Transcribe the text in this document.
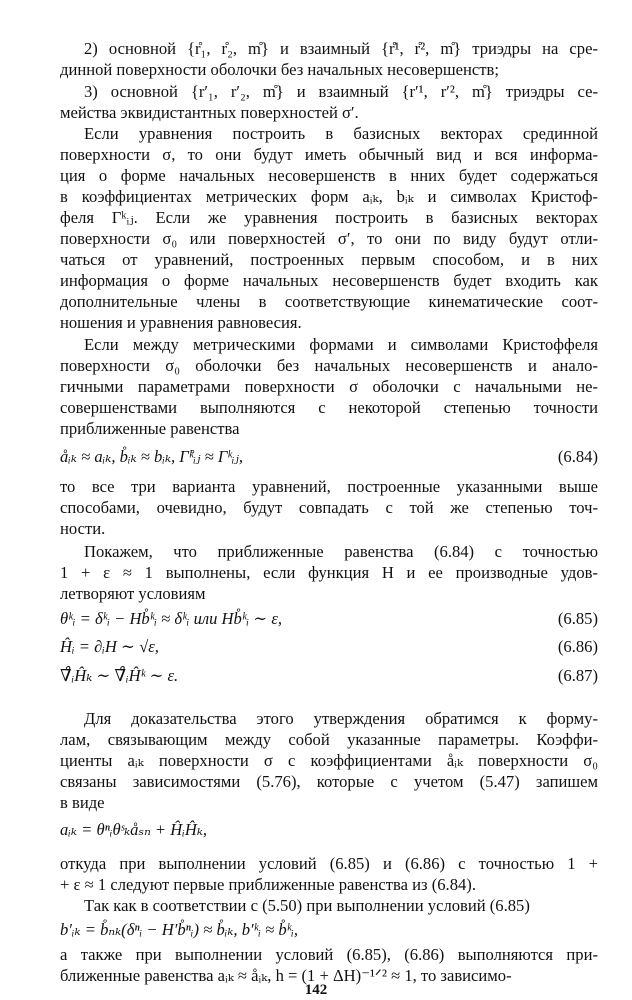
2) основной {r̊₁, r̊₂, m̊} и взаимный {r̊¹, r̊², m̊} триэдры на сре-
динной поверхности оболочки без начальных несовершенств;
3) основной {r′₁, r′₂, m̊} и взаимный {r′¹, r′², m̊} триэдры се-
мейства эквидистантных поверхностей σ′.
Если уравнения построить в базисных векторах срединной
поверхности σ, то они будут иметь обычный вид и вся информа-
ция о форме начальных несовершенств в нних будет содержаться
в коэффициентах метрических форм aᵢₖ, bᵢₖ и символах Кристоф-
феля Γᵏᵢⱼ. Если же уравнения построить в базисных векторах
поверхности σ₀ или поверхностей σ′, то они по виду будут отли-
чаться от уравнений, построенных первым способом, и в них
информация о форме начальных несовершенств будет входить как
дополнительные члены в соответствующие кинематические соот-
ношения и уравнения равновесия.
Если между метрическими формами и символами Кристоффеля
поверхности σ₀ оболочки без начальных несовершенств и анало-
гичными параметрами поверхности σ оболочки с начальными не-
совершенствами выполняются с некоторой степенью точности
приближенные равенства
åᵢₖ ≈ aᵢₖ, b̊ᵢₖ ≈ bᵢₖ, Γ̊ᵏᵢⱼ ≈ Γᵏᵢⱼ,	(6.84)
то все три варианта уравнений, построенные указанными выше
способами, очевидно, будут совпадать с той же степенью точ-
ности.
Покажем, что приближенные равенства (6.84) с точностью
1 + ε ≈ 1 выполнены, если функция H и ее производные удов-
летворяют условиям
θᵏᵢ = δᵏᵢ − Hb̊ᵏᵢ ≈ δᵏᵢ или Hb̊ᵏᵢ ∼ ε,	(6.85)
Ĥᵢ = ∂ᵢH ∼ √ε,	(6.86)
∇̊ᵢĤₖ ∼ ∇̊ᵢĤᵏ ∼ ε.	(6.87)
Для доказательства этого утверждения обратимся к форму-
лам, связывающим между собой указанные параметры. Коэффи-
циенты aᵢₖ поверхности σ с коэффициентами åᵢₖ поверхности σ₀
связаны зависимостями (5.76), которые с учетом (5.47) запишем
в виде
aᵢₖ = θⁿᵢθˢₖåₛₙ + ĤᵢĤₖ,
откуда при выполнении условий (6.85) и (6.86) с точностью 1 +
+ ε ≈ 1 следуют первые приближенные равенства из (6.84).
Так как в соответствии с (5.50) при выполнении условий (6.85)
b′ᵢₖ = b̊ₙₖ(δⁿᵢ − H′b̊ⁿᵢ) ≈ b̊ᵢₖ, b′ᵏᵢ ≈ b̊ᵏᵢ,
а также при выполнении условий (6.85), (6.86) выполняются при-
ближенные равенства aᵢₖ ≈ åᵢₖ, h = (1 + ΔH)⁻¹ᐟ² ≈ 1, то зависимо-
142
